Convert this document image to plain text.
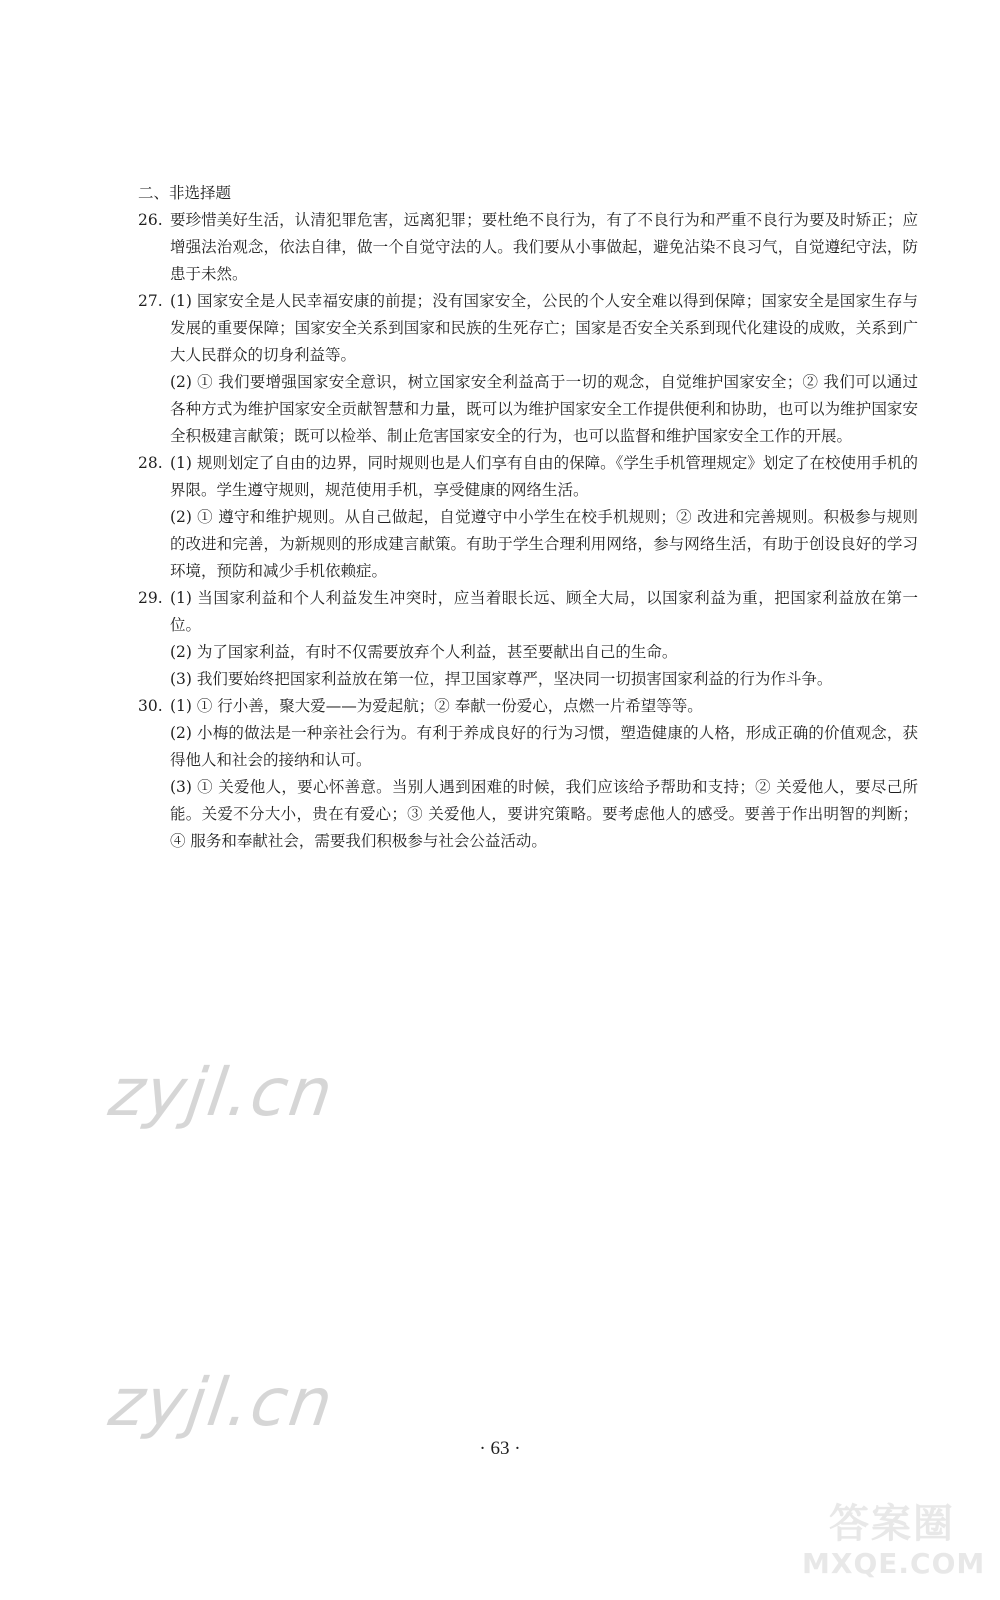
二、非选择题

26. 要珍惜美好生活，认清犯罪危害，远离犯罪；要杜绝不良行为，有了不良行为和严重不良行为要及时矫正；应增强法治观念，依法自律，做一个自觉守法的人。我们要从小事做起，避免沾染不良习气，自觉遵纪守法，防患于未然。

27. (1) 国家安全是人民幸福安康的前提；没有国家安全，公民的个人安全难以得到保障；国家安全是国家生存与发展的重要保障；国家安全关系到国家和民族的生死存亡；国家是否安全关系到现代化建设的成败，关系到广大人民群众的切身利益等。

(2) ① 我们要增强国家安全意识，树立国家安全利益高于一切的观念，自觉维护国家安全；② 我们可以通过各种方式为维护国家安全贡献智慧和力量，既可以为维护国家安全工作提供便利和协助，也可以为维护国家安全积极建言献策；既可以检举、制止危害国家安全的行为，也可以监督和维护国家安全工作的开展。

28. (1) 规则划定了自由的边界，同时规则也是人们享有自由的保障。《学生手机管理规定》划定了在校使用手机的界限。学生遵守规则，规范使用手机，享受健康的网络生活。

(2) ① 遵守和维护规则。从自己做起，自觉遵守中小学生在校手机规则；② 改进和完善规则。积极参与规则的改进和完善，为新规则的形成建言献策。有助于学生合理利用网络，参与网络生活，有助于创设良好的学习环境，预防和减少手机依赖症。

29. (1) 当国家利益和个人利益发生冲突时，应当着眼长远、顾全大局，以国家利益为重，把国家利益放在第一位。

(2) 为了国家利益，有时不仅需要放弃个人利益，甚至要献出自己的生命。

(3) 我们要始终把国家利益放在第一位，捍卫国家尊严，坚决同一切损害国家利益的行为作斗争。

30. (1) ① 行小善，聚大爱——为爱起航；② 奉献一份爱心，点燃一片希望等等。

(2) 小梅的做法是一种亲社会行为。有利于养成良好的行为习惯，塑造健康的人格，形成正确的价值观念，获得他人和社会的接纳和认可。

(3) ① 关爱他人，要心怀善意。当别人遇到困难的时候，我们应该给予帮助和支持；② 关爱他人，要尽己所能。关爱不分大小，贵在有爱心；③ 关爱他人，要讲究策略。要考虑他人的感受。要善于作出明智的判断；④ 服务和奉献社会，需要我们积极参与社会公益活动。

zyjl.cn
zyjl.cn
· 63 ·
答案圈
MXQE.COM
